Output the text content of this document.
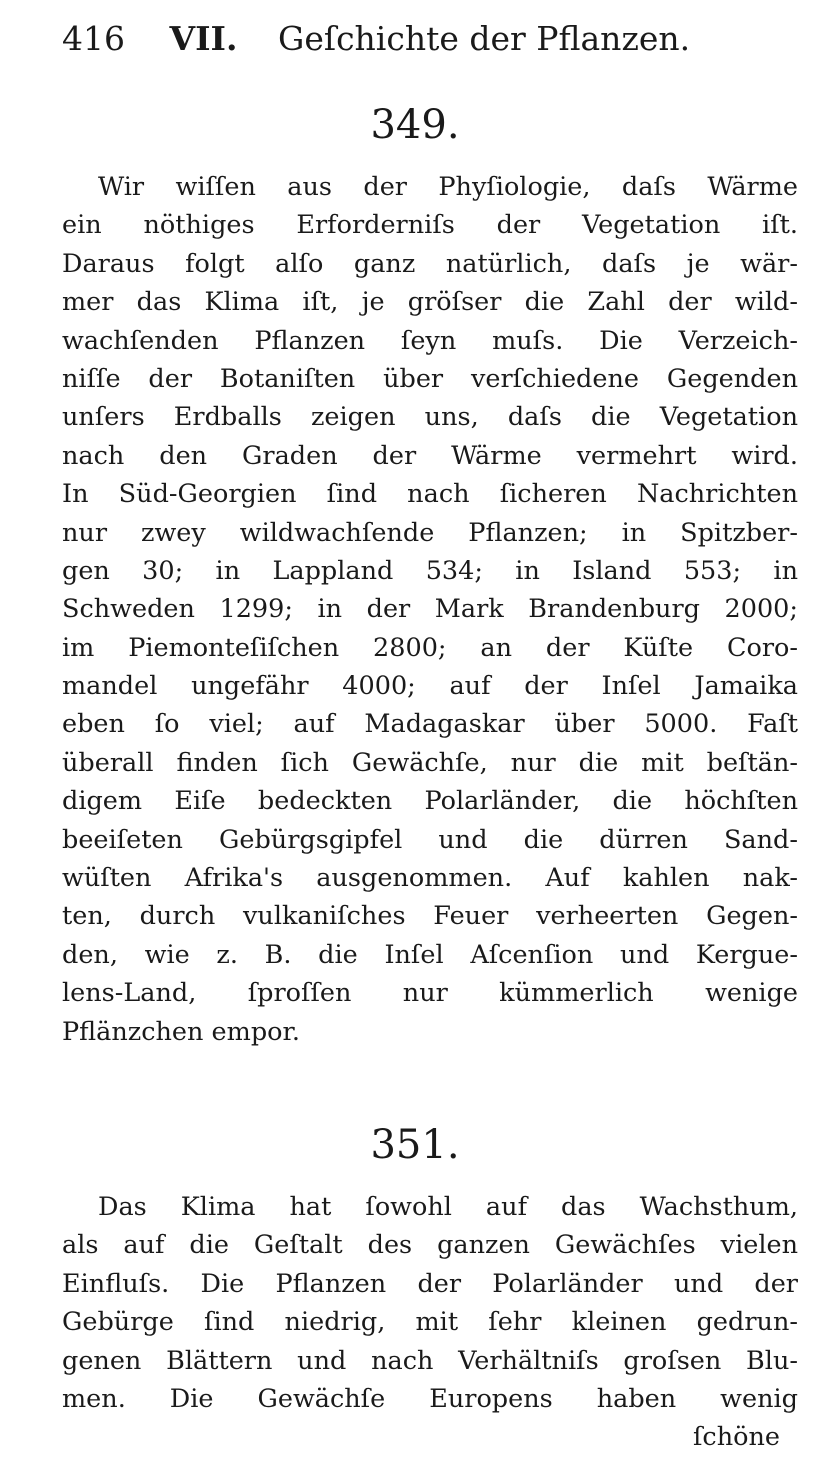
416 VII. Geſchichte der Pflanzen.
349.
Wir wiſſen aus der Phyſiologie, daſs Wärme
ein nöthiges Erforderniſs der Vegetation iſt.
Daraus folgt alſo ganz natürlich, daſs je wär-
mer das Klima iſt, je gröſser die Zahl der wild-
wachſenden Pflanzen ſeyn muſs. Die Verzeich-
niſſe der Botaniſten über verſchiedene Gegenden
unſers Erdballs zeigen uns, daſs die Vegetation
nach den Graden der Wärme vermehrt wird.
In Süd-Georgien ſind nach ſicheren Nachrichten
nur zwey wildwachſende Pflanzen; in Spitzber-
gen 30; in Lappland 534; in Island 553; in
Schweden 1299; in der Mark Brandenburg 2000;
im Piemonteſiſchen 2800; an der Küſte Coro-
mandel ungefähr 4000; auf der Inſel Jamaika
eben ſo viel; auf Madagaskar über 5000. Faſt
überall finden ſich Gewächſe, nur die mit beſtän-
digem Eiſe bedeckten Polarländer, die höchſten
beeiſeten Gebürgsgipfel und die dürren Sand-
wüſten Afrika's ausgenommen. Auf kahlen nak-
ten, durch vulkaniſches Feuer verheerten Gegen-
den, wie z. B. die Inſel Aſcenſion und Kergue-
lens-Land, ſproſſen nur kümmerlich wenige
Pflänzchen empor.
351.
Das Klima hat ſowohl auf das Wachsthum,
als auf die Geſtalt des ganzen Gewächſes vielen
Einfluſs. Die Pflanzen der Polarländer und der
Gebürge ſind niedrig, mit ſehr kleinen gedrun-
genen Blättern und nach Verhältniſs groſsen Blu-
men. Die Gewächſe Europens haben wenig
ſchöne
